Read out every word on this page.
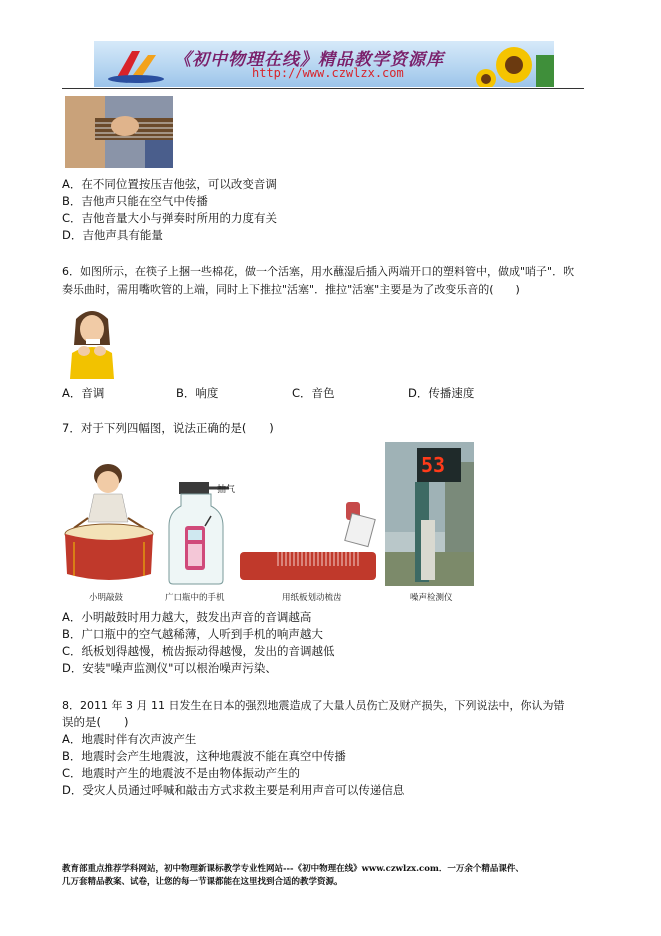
《初中物理在线》精品教学资源库
http://www.czwlzx.com
A．在不同位置按压吉他弦，可以改变音调
B．吉他声只能在空气中传播
C．吉他音量大小与弹奏时所用的力度有关
D．吉他声具有能量
6．如图所示，在筷子上捆一些棉花，做一个活塞，用水蘸湿后插入两端开口的塑料管中，做成"哨子"．吹
奏乐曲时，需用嘴吹管的上端，同时上下推拉"活塞"．推拉"活塞"主要是为了改变乐音的(　　)
A．音调	B．响度	C．音色	D．传播速度
7．对于下列四幅图，说法正确的是(　　)
小明敲鼓
抽气
广口瓶中的手机	用纸板划动梳齿
53
噪声检测仪
A．小明敲鼓时用力越大，鼓发出声音的音调越高
B．广口瓶中的空气越稀薄，人听到手机的响声越大
C．纸板划得越慢，梳齿振动得越慢，发出的音调越低
D．安装"噪声监测仪"可以根治噪声污染、
8．2011 年 3 月 11 日发生在日本的强烈地震造成了大量人员伤亡及财产损失，下列说法中，你认为错
误的是(　　)
A．地震时伴有次声波产生
B．地震时会产生地震波，这种地震波不能在真空中传播
C．地震时产生的地震波不是由物体振动产生的
D．受灾人员通过呼喊和敲击方式求救主要是利用声音可以传递信息
教育部重点推荐学科网站，初中物理新课标教学专业性网站---《初中物理在线》www.czwlzx.com．一万余个精品课件、
几万套精品教案、试卷，让您的每一节课都能在这里找到合适的教学资源。
